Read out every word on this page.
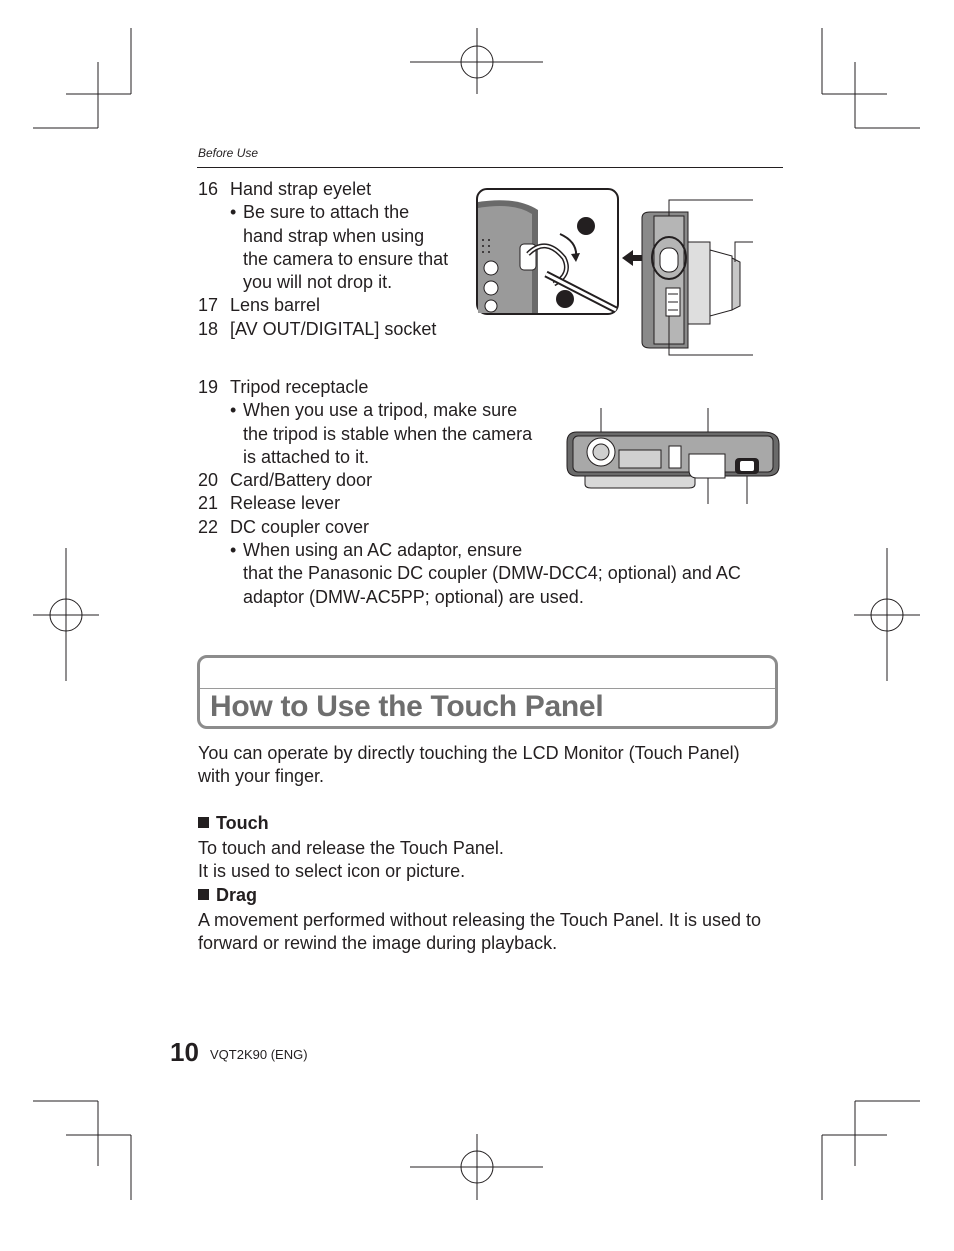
Before Use
16 Hand strap eyelet
• Be sure to attach the
hand strap when using
the camera to ensure that
you will not drop it.
17 Lens barrel
18 [AV OUT/DIGITAL] socket
19 Tripod receptacle
• When you use a tripod, make sure
the tripod is stable when the camera
is attached to it.
20 Card/Battery door
21 Release lever
22 DC coupler cover
• When using an AC adaptor, ensure
that the Panasonic DC coupler (DMW-DCC4; optional) and AC
adaptor (DMW-AC5PP; optional) are used.
How to Use the Touch Panel
You can operate by directly touching the LCD Monitor (Touch Panel)
with your finger.
Touch
To touch and release the Touch Panel.
It is used to select icon or picture.
Drag
A movement performed without releasing the Touch Panel. It is used to
forward or rewind the image during playback.
10 VQT2K90 (ENG)
